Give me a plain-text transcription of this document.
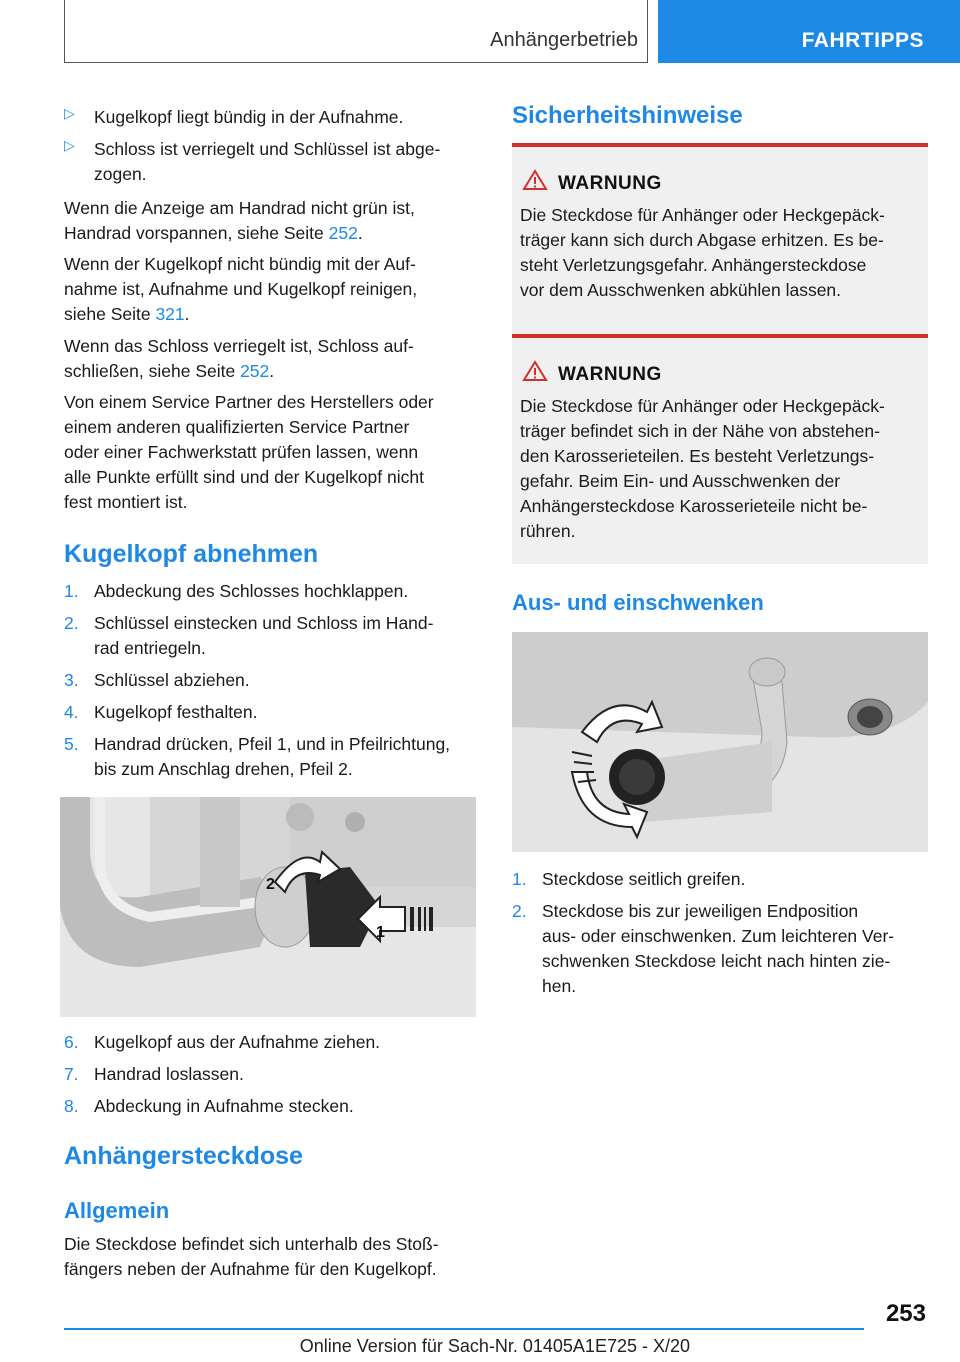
Anhängerbetrieb	FAHRTIPPS
▷ Kugelkopf liegt bündig in der Aufnahme.

▷ Schloss ist verriegelt und Schlüssel ist abge-

zogen.

Wenn die Anzeige am Handrad nicht grün ist,

Handrad vorspannen, siehe Seite 252.

Wenn der Kugelkopf nicht bündig mit der Auf-

nahme ist, Aufnahme und Kugelkopf reinigen,

siehe Seite 321.

Wenn das Schloss verriegelt ist, Schloss auf-

schließen, siehe Seite 252.

Von einem Service Partner des Herstellers oder

einem anderen qualifizierten Service Partner

oder einer Fachwerkstatt prüfen lassen, wenn

alle Punkte erfüllt sind und der Kugelkopf nicht

fest montiert ist.

Kugelkopf abnehmen
1. Abdeckung des Schlosses hochklappen.

2. Schlüssel einstecken und Schloss im Hand-

rad entriegeln.

3. Schlüssel abziehen.

4. Kugelkopf festhalten.

5. Handrad drücken, Pfeil 1, und in Pfeilrichtung,

bis zum Anschlag drehen, Pfeil 2.

2
1
6. Kugelkopf aus der Aufnahme ziehen.

7. Handrad loslassen.

8. Abdeckung in Aufnahme stecken.

Anhängersteckdose
Allgemein

Die Steckdose befindet sich unterhalb des Stoß-

fängers neben der Aufnahme für den Kugelkopf.

Sicherheitshinweise
WARNUNG

Die Steckdose für Anhänger oder Heckgepäck-

träger kann sich durch Abgase erhitzen. Es be-

steht Verletzungsgefahr. Anhängersteckdose

vor dem Ausschwenken abkühlen lassen.

WARNUNG

Die Steckdose für Anhänger oder Heckgepäck-

träger befindet sich in der Nähe von abstehen-

den Karosserieteilen. Es besteht Verletzungs-

gefahr. Beim Ein- und Ausschwenken der

Anhängersteckdose Karosserieteile nicht be-

rühren.

Aus- und einschwenken
1. Steckdose seitlich greifen.

2. Steckdose bis zur jeweiligen Endposition

aus- oder einschwenken. Zum leichteren Ver-

schwenken Steckdose leicht nach hinten zie-

hen.

253
Online Version für Sach-Nr. 01405A1E725 - X/20
